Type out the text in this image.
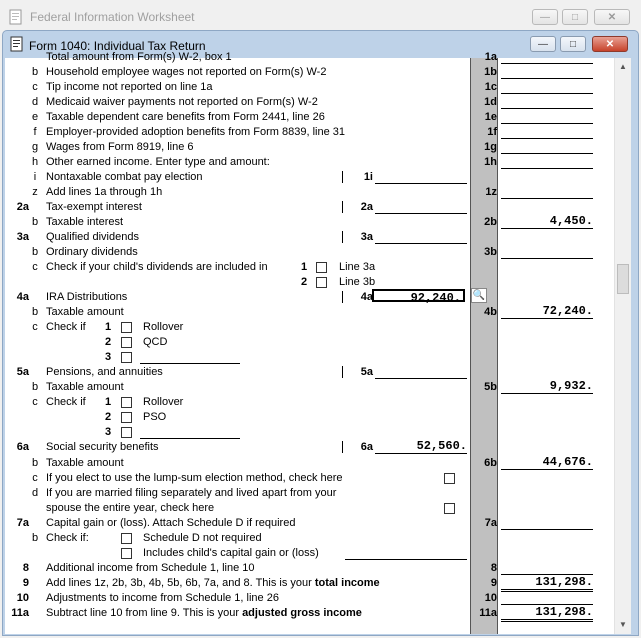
Federal Information Worksheet	—	□	✕
Form 1040: Individual Tax Return	—	□	✕
▲
▼
Total amount from Form(s) W-2, box 1	1a
b Household employee wages not reported on Form(s) W-2	1b
c Tip income not reported on line 1a	1c
d Medicaid waiver payments not reported on Form(s) W-2	1d
e Taxable dependent care benefits from Form 2441, line 26	1e
f Employer-provided adoption benefits from Form 8839, line 31	1f
g Wages from Form 8919, line 6	1g
h Other earned income. Enter type and amount:	1h
i Nontaxable combat pay election	1i
z Add lines 1a through 1h	1z
2a Tax-exempt interest	2a
b Taxable interest	2b	4,450.
3a Qualified dividends	3a
b Ordinary dividends	3b
c Check if your child's dividends are included in	1	Line 3a
2	Line 3b
4a IRA Distributions	4a	92,240.	🔍
b Taxable amount	4b	72,240.
c Check if 1	Rollover
2	QCD
3
5a Pensions, and annuities	5a
b Taxable amount	5b	9,932.
c Check if 1	Rollover
2	PSO
3
6a Social security benefits	6a	52,560.
b Taxable amount	6b	44,676.
c If you elect to use the lump-sum election method, check here
d If you are married filing separately and lived apart from your
spouse the entire year, check here
7a Capital gain or (loss). Attach Schedule D if required	7a
b Check if:	Schedule D not required
Includes child's capital gain or (loss)
8 Additional income from Schedule 1, line 10	8
9 Add lines 1z, 2b, 3b, 4b, 5b, 6b, 7a, and 8. This is your total income	9	131,298.
10 Adjustments to income from Schedule 1, line 26	10
11a Subtract line 10 from line 9. This is your adjusted gross income	11a	131,298.
